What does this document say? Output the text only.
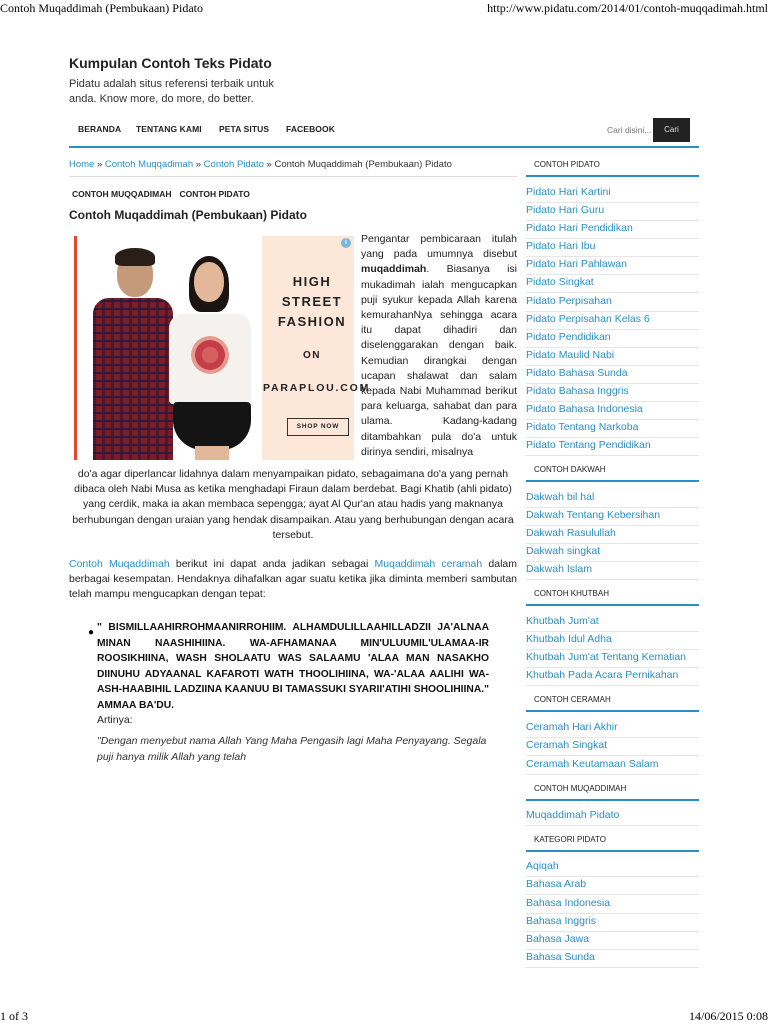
Contoh Muqaddimah (Pembukaan) Pidato	http://www.pidatu.com/2014/01/contoh-muqqadimah.html
Kumpulan Contoh Teks Pidato
Pidatu adalah situs referensi terbaik untuk anda. Know more, do more, do better.
BERANDA TENTANG KAMI PETA SITUS FACEBOOK
Cari disini...	Cari
Home » Contoh Muqqadimah » Contoh Pidato » Contoh Muqaddimah (Pembukaan) Pidato
CONTOH MUQQADIMAH CONTOH PIDATO
Contoh Muqaddimah (Pembukaan) Pidato
HIGH
STREET
FASHION
ON
PARAPLOU.COM
SHOP NOW
i	Pengantar pembicaraan itulah yang pada umumnya disebut muqaddimah. Biasanya isi mukadimah ialah mengucapkan puji syukur kepada Allah karena kemurahanNya sehingga acara itu dapat dihadiri dan diselenggarakan dengan baik. Kemudian dirangkai dengan ucapan shalawat dan salam kepada Nabi Muhammad berikut para keluarga, sahabat dan para ulama. Kadang-kadang ditambahkan pula do'a untuk dirinya sendiri, misalnya
do'a agar diperlancar lidahnya dalam menyampaikan pidato, sebagaimana do'a yang pernah dibaca oleh Nabi Musa as ketika menghadapi Firaun dalam berdebat. Bagi Khatib (ahli pidato) yang cerdik, maka ia akan membaca sepengga; ayat Al Qur'an atau hadis yang maknanya berhubungan dengan uraian yang hendak disampaikan. Atau yang berhubungan dengan acara tersebut.
Contoh Muqaddimah berikut ini dapat anda jadikan sebagai Muqaddimah ceramah dalam berbagai kesempatan. Hendaknya dihafalkan agar suatu ketika jika diminta memberi sambutan telah mampu mengucapkan dengan tepat:
● " BISMILLAAHIRROHMAANIRROHIIM. ALHAMDULILLAAHILLADZII JA'ALNAA MINAN NAASHIHIINA. WA-AFHAMANAA MIN'ULUUMIL'ULAMAA-IR ROOSIKHIINA, WASH SHOLAATU WAS SALAAMU 'ALAA MAN NASAKHO DIINUHU ADYAANAL KAFAROTI WATH THOOLIHIINA, WA-'ALAA AALIHI WA-ASH-HAABIHIL LADZIINA KAANUU BI TAMASSUKI SYARII'ATIHI SHOOLIHIINA." AMMAA BA'DU.
Artinya:
"Dengan menyebut nama Allah Yang Maha Pengasih lagi Maha Penyayang. Segala puji hanya milik Allah yang telah
CONTOH PIDATO
Pidato Hari Kartini
Pidato Hari Guru
Pidato Hari Pendidikan
Pidato Hari Ibu
Pidato Hari Pahlawan
Pidato Singkat
Pidato Perpisahan
Pidato Perpisahan Kelas 6
Pidato Pendidikan
Pidato Maulid Nabi
Pidato Bahasa Sunda
Pidato Bahasa Inggris
Pidato Bahasa Indonesia
Pidato Tentang Narkoba
Pidato Tentang Pendidikan
CONTOH DAKWAH
Dakwah bil hal
Dakwah Tentang Kebersihan
Dakwah Rasulullah
Dakwah singkat
Dakwah Islam
CONTOH KHUTBAH
Khutbah Jum'at
Khutbah Idul Adha
Khutbah Jum'at Tentang Kematian
Khutbah Pada Acara Pernikahan
CONTOH CERAMAH
Ceramah Hari Akhir
Ceramah Singkat
Ceramah Keutamaan Salam
CONTOH MUQADDIMAH
Muqaddimah Pidato
KATEGORI PIDATO
Aqiqah
Bahasa Arab
Bahasa Indonesia
Bahasa Inggris
Bahasa Jawa
Bahasa Sunda
1 of 3	14/06/2015 0:08
